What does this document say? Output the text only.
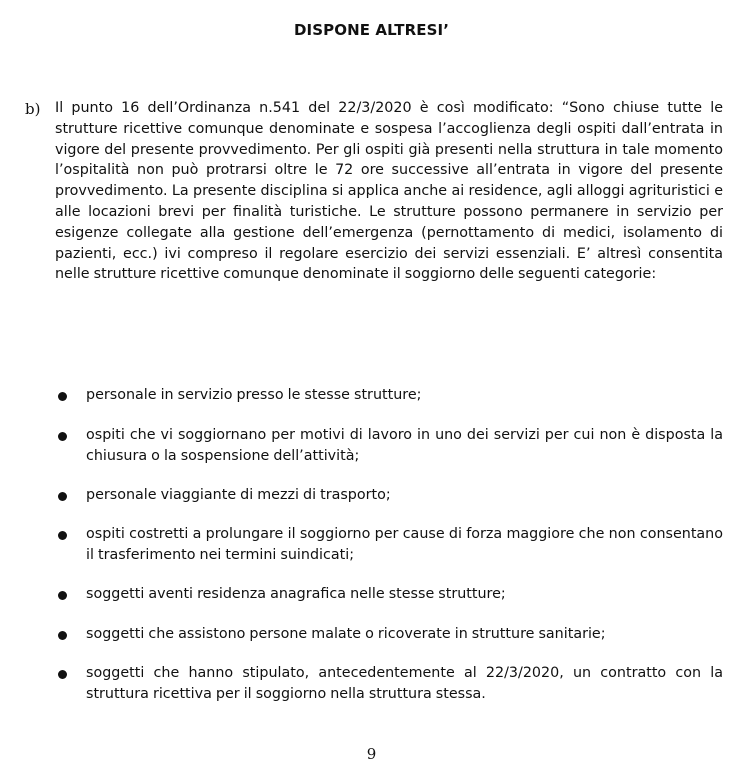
DISPONE ALTRESI’
b) Il punto 16 dell’Ordinanza n.541 del 22/3/2020 è così modificato: “Sono chiuse tutte le strutture ricettive comunque denominate e sospesa l’accoglienza degli ospiti dall’entrata in vigore del presente provvedimento. Per gli ospiti già presenti nella struttura in tale momento l’ospitalità non può protrarsi oltre le 72 ore successive all’entrata in vigore del presente provvedimento. La presente disciplina si applica anche ai residence, agli alloggi agrituristici e alle locazioni brevi per finalità turistiche. Le strutture possono permanere in servizio per esigenze collegate alla gestione dell’emergenza (pernottamento di medici, isolamento di pazienti, ecc.) ivi compreso il regolare esercizio dei servizi essenziali. E’ altresì consentita nelle strutture ricettive comunque denominate il soggiorno delle seguenti categorie:
personale in servizio presso le stesse strutture;
ospiti che vi soggiornano per motivi di lavoro in uno dei servizi per cui non è disposta la chiusura o la sospensione dell’attività;
personale viaggiante di mezzi di trasporto;
ospiti costretti a prolungare il soggiorno per cause di forza maggiore che non consentano il trasferimento nei termini suindicati;
soggetti aventi residenza anagrafica nelle stesse strutture;
soggetti che assistono persone malate o ricoverate in strutture sanitarie;
soggetti che hanno stipulato, antecedentemente al 22/3/2020, un contratto con la struttura ricettiva per il soggiorno nella struttura stessa.
9
